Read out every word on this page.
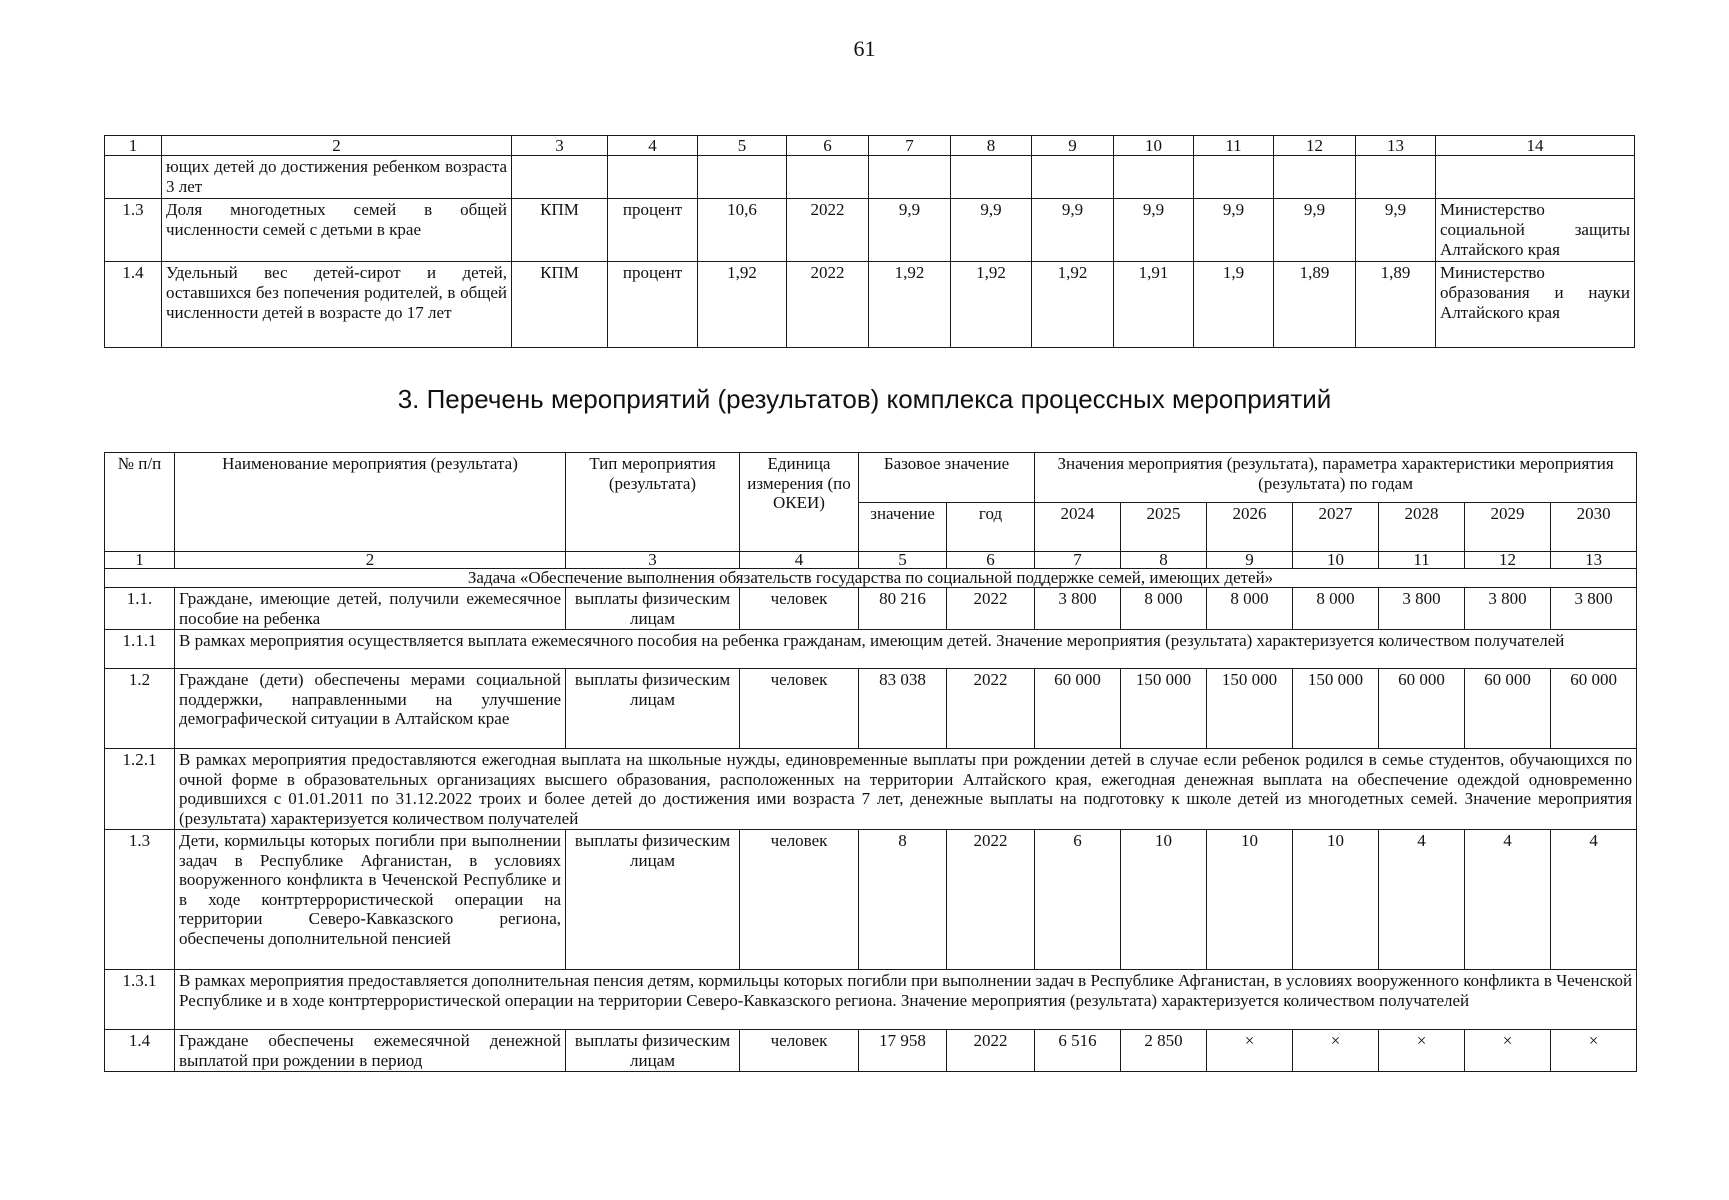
61
1	2	3	4	5	6	7	8	9	10	11	12	13	14
	ющих детей до достижения ребенком возраста 3 лет												
1.3	Доля многодетных семей в общей численности семей с детьми в крае	КПМ	процент	10,6	2022	9,9	9,9	9,9	9,9	9,9	9,9	9,9	Министерство социальной защиты Алтайского края
1.4	Удельный вес детей-сирот и детей, оставшихся без попечения родителей, в общей численности детей в возрасте до 17 лет	КПМ	процент	1,92	2022	1,92	1,92	1,92	1,91	1,9	1,89	1,89	Министерство образования и науки Алтайского края
3. Перечень мероприятий (результатов) комплекса процессных мероприятий
№ п/п	Наименование мероприятия (результата)	Тип мероприятия (результата)	Единица измерения (по ОКЕИ)	Базовое значение		Значения мероприятия (результата), параметра характеристики мероприятия (результата) по годам						
				значение	год	2024	2025	2026	2027	2028	2029	2030
1	2	3	4	5	6	7	8	9	10	11	12	13
Задача «Обеспечение выполнения обязательств государства по социальной поддержке семей, имеющих детей»												
1.1.	Граждане, имеющие детей, получили ежемесячное пособие на ребенка	выплаты физическим лицам	человек	80 216	2022	3 800	8 000	8 000	8 000	3 800	3 800	3 800
1.1.1	В рамках мероприятия осуществляется выплата ежемесячного пособия на ребенка гражданам, имеющим детей. Значение мероприятия (результата) характеризуется количеством получателей											
1.2	Граждане (дети) обеспечены мерами социальной поддержки, направленными на улучшение демографической ситуации в Алтайском крае	выплаты физическим лицам	человек	83 038	2022	60 000	150 000	150 000	150 000	60 000	60 000	60 000
1.2.1	В рамках мероприятия предоставляются ежегодная выплата на школьные нужды, единовременные выплаты при рождении детей в случае если ребенок родился в семье студентов, обучающихся по очной форме в образовательных организациях высшего образования, расположенных на территории Алтайского края, ежегодная денежная выплата на обеспечение одеждой одновременно родившихся с 01.01.2011 по 31.12.2022 троих и более детей до достижения ими возраста 7 лет, денежные выплаты на подготовку к школе детей из многодетных семей. Значение мероприятия (результата) характеризуется количеством получателей											
1.3	Дети, кормильцы которых погибли при выполнении задач в Республике Афганистан, в условиях вооруженного конфликта в Чеченской Республике и в ходе контртеррористической операции на территории Северо-Кавказского региона, обеспечены дополнительной пенсией	выплаты физическим лицам	человек	8	2022	6	10	10	10	4	4	4
1.3.1	В рамках мероприятия предоставляется дополнительная пенсия детям, кормильцы которых погибли при выполнении задач в Республике Афганистан, в условиях вооруженного конфликта в Чеченской Республике и в ходе контртеррористической операции на территории Северо-Кавказского региона. Значение мероприятия (результата) характеризуется количеством получателей											
1.4	Граждане обеспечены ежемесячной денежной выплатой при рождении в период	выплаты физическим лицам	человек	17 958	2022	6 516	2 850	×	×	×	×	×
